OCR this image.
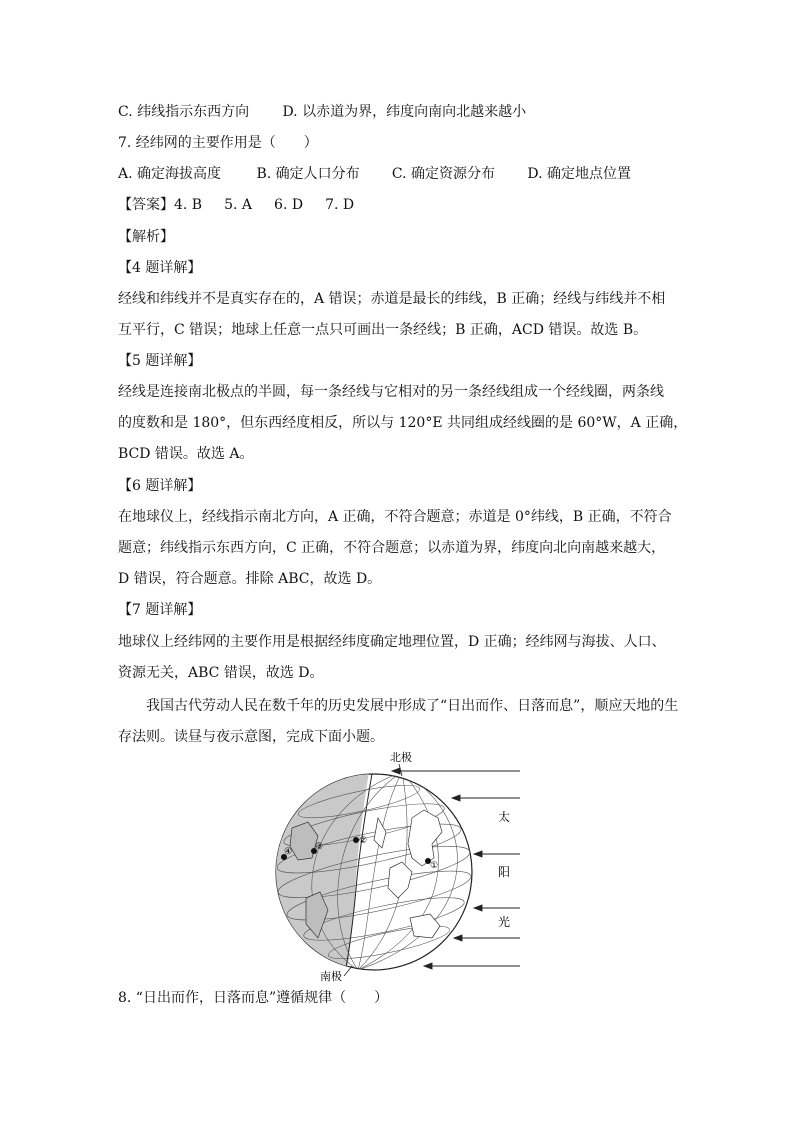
C. 纬线指示东西方向 D. 以赤道为界，纬度向南向北越来越小
7. 经纬网的主要作用是（　　）
A. 确定海拔高度	B. 确定人口分布 C. 确定资源分布 D. 确定地点位置
【答案】4. B 5. A 6. D 7. D
【解析】
【4 题详解】
经线和纬线并不是真实存在的，A 错误；赤道是最长的纬线，B 正确；经线与纬线并不相
互平行，C 错误；地球上任意一点只可画出一条经线；B 正确，ACD 错误。故选 B。
【5 题详解】
经线是连接南北极点的半圆，每一条经线与它相对的另一条经线组成一个经线圈，两条线
的度数和是 180°，但东西经度相反，所以与 120°E 共同组成经线圈的是 60°W，A 正确，
BCD 错误。故选 A。
【6 题详解】
在地球仪上，经线指示南北方向，A 正确，不符合题意；赤道是 0°纬线，B 正确，不符合
题意；纬线指示东西方向，C 正确，不符合题意；以赤道为界，纬度向北向南越来越大，
D 错误，符合题意。排除 ABC，故选 D。
【7 题详解】
地球仪上经纬网的主要作用是根据经纬度确定地理位置，D 正确；经纬网与海拔、人口、
资源无关，ABC 错误，故选 D。
我国古代劳动人民在数千年的历史发展中形成了“日出而作、日落而息”，顺应天地的生
存法则。读昼与夜示意图，完成下面小题。
北极
南极
①
②
③
④
太
阳
光
8. “日出而作，日落而息”遵循规律（　　）
